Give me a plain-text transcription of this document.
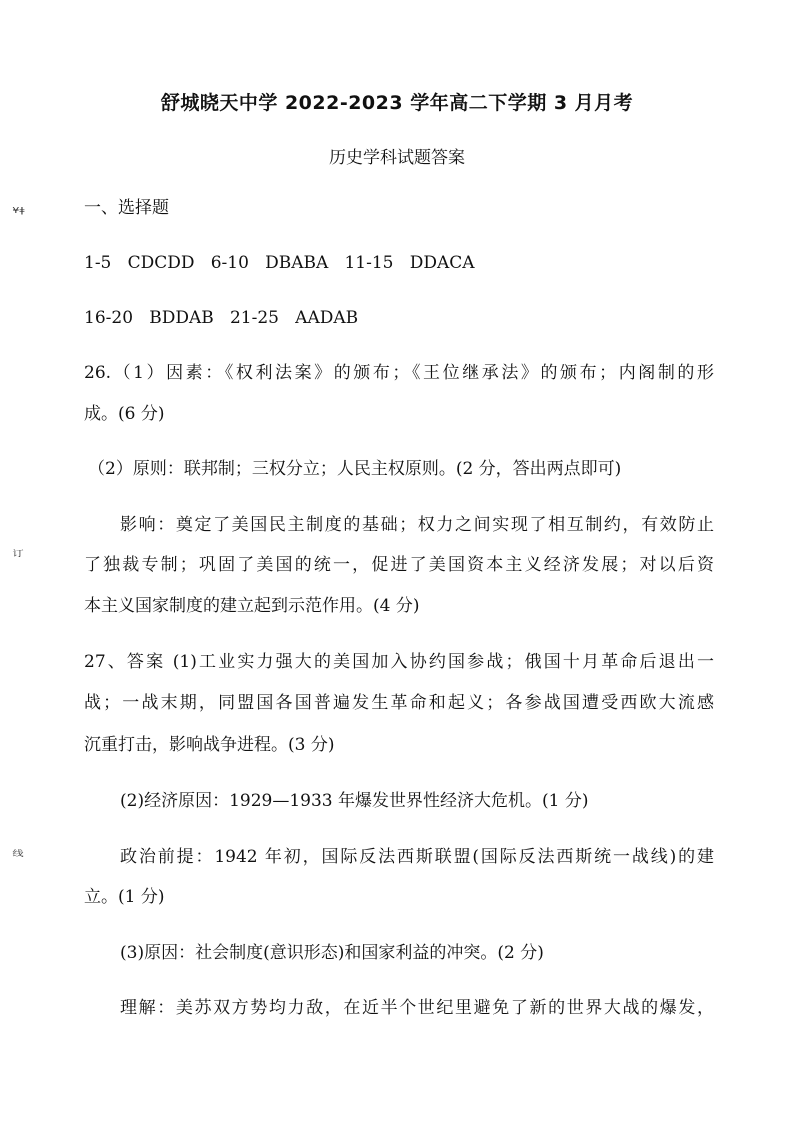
¥ǂ
订
线
舒城晓天中学 2022-2023 学年高二下学期 3 月月考
历史学科试题答案
一、选择题
1-5   CDCDD   6-10   DBABA   11-15   DDACA
16-20   BDDAB   21-25   AADAB
26.（1）因素：《权利法案》的颁布；《王位继承法》的颁布；内阁制的形
成。(6 分)
（2）原则：联邦制；三权分立；人民主权原则。(2 分，答出两点即可)
影响：奠定了美国民主制度的基础；权力之间实现了相互制约，有效防止
了独裁专制；巩固了美国的统一，促进了美国资本主义经济发展；对以后资
本主义国家制度的建立起到示范作用。(4 分)
27、答案 (1)工业实力强大的美国加入协约国参战；俄国十月革命后退出一
战；一战末期，同盟国各国普遍发生革命和起义；各参战国遭受西欧大流感
沉重打击，影响战争进程。(3 分)
(2)经济原因：1929—1933 年爆发世界性经济大危机。(1 分)
政治前提：1942 年初，国际反法西斯联盟(国际反法西斯统一战线)的建
立。(1 分)
(3)原因：社会制度(意识形态)和国家利益的冲突。(2 分)
理解：美苏双方势均力敌，在近半个世纪里避免了新的世界大战的爆发，
